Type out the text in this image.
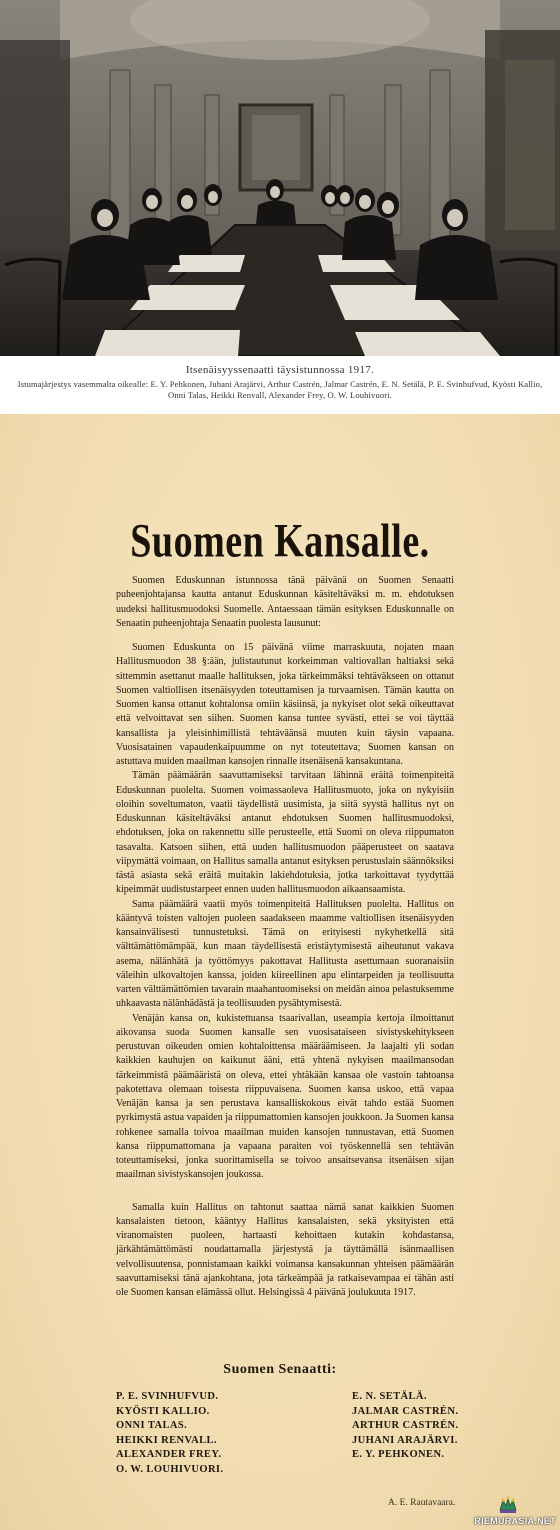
Itsenäisyyssenaatti täysistunnossa 1917.
Istumajärjestys vasemmalta oikealle: E. Y. Pehkonen, Juhani Arajärvi, Arthur Castrén, Jalmar Castrén, E. N. Setälä, P. E. Svinhufvud, Kyösti Kallio, Onni Talas, Heikki Renvall, Alexander Frey, O. W. Louhivuori.
Suomen Kansalle.

Suomen Eduskunnan istunnossa tänä päivänä on Suomen Senaatti puheenjohtajansa kautta antanut Eduskunnan käsiteltäväksi m. m. ehdotuksen uudeksi hallitusmuodoksi Suomelle. Antaessaan tämän esityksen Eduskunnalle on Senaatin puheenjohtaja Senaatin puolesta lausunut:

Suomen Eduskunta on 15 päivänä viime marraskuuta, nojaten maan Hallitusmuodon 38 §:ään, julistautunut korkeimman valtiovallan haltiaksi sekä sittemmin asettanut maalle hallituksen, joka tärkeimmäksi tehtäväkseen on ottanut Suomen valtiollisen itsenäisyyden toteuttamisen ja turvaamisen. Tämän kautta on Suomen kansa ottanut kohtalonsa omiin käsiinsä, ja nykyiset olot sekä oikeuttavat että velvoittavat sen siihen. Suomen kansa tuntee syvästi, ettei se voi täyttää kansallista ja yleisinhimillistä tehtäväänsä muuten kuin täysin vapaana. Vuosisatainen vapaudenkaipuumme on nyt toteutettava; Suomen kansan on astuttava muiden maailman kansojen rinnalle itsenäisenä kansakuntana.

Tämän päämäärän saavuttamiseksi tarvitaan lähinnä eräitä toimenpiteitä Eduskunnan puolelta. Suomen voimassaoleva Hallitusmuoto, joka on nykyisiin oloihin soveltumaton, vaatii täydellistä uusimista, ja siitä syystä hallitus nyt on Eduskunnan käsiteltäväksi antanut ehdotuksen Suomen hallitusmuodoksi, ehdotuksen, joka on rakennettu sille perusteelle, että Suomi on oleva riippumaton tasavalta. Katsoen siihen, että uuden hallitusmuodon pääperusteet on saatava viipymättä voimaan, on Hallitus samalla antanut esityksen perustuslain säännöksiksi tästä asiasta sekä eräitä muitakin lakiehdotuksia, jotka tarkoittavat tyydyttää kipeimmät uudistustarpeet ennen uuden hallitusmuodon aikaansaamista.

Sama päämäärä vaatii myös toimenpiteitä Hallituksen puolelta. Hallitus on kääntyvä toisten valtojen puoleen saadakseen maamme valtiollisen itsenäisyyden kansainvälisesti tunnustetuksi. Tämä on erityisesti nykyhetkellä sitä välttämättömämpää, kun maan täydellisestä eristäytymisestä aiheutunut vakava asema, nälänhätä ja työttömyys pakottavat Hallitusta asettumaan suoranaisiin väleihin ulkovaltojen kanssa, joiden kiireellinen apu elintarpeiden ja teollisuutta varten välttämättömien tavarain maahantuomiseksi on meidän ainoa pelastuksemme uhkaavasta nälänhädästä ja teollisuuden pysähtymisestä.

Venäjän kansa on, kukistettuansa tsaarivallan, useampia kertoja ilmoittanut aikovansa suoda Suomen kansalle sen vuosisataiseen sivistyskehitykseen perustuvan oikeuden omien kohtaloittensa määräämiseen. Ja laajalti yli sodan kaikkien kauhujen on kaikunut ääni, että yhtenä nykyisen maailmansodan tärkeimmistä päämääristä on oleva, ettei yhtäkään kansaa ole vastoin tahtoansa pakotettava olemaan toisesta riippuvaisena. Suomen kansa uskoo, että vapaa Venäjän kansa ja sen perustava kansalliskokous eivät tahdo estää Suomen pyrkimystä astua vapaiden ja riippumattomien kansojen joukkoon. Ja Suomen kansa rohkenee samalla toivoa maailman muiden kansojen tunnustavan, että Suomen kansa riippumattomana ja vapaana paraiten voi työskennellä sen tehtävän toteuttamiseksi, jonka suorittamisella se toivoo ansaitsevansa itsenäisen sijan maailman sivistyskansojen joukossa.

Samalla kuin Hallitus on tahtonut saattaa nämä sanat kaikkien Suomen kansalaisten tietoon, kääntyy Hallitus kansalaisten, sekä yksityisten että viranomaisten puoleen, hartaasti kehoittaen kutakin kohdastansa, järkähtämättömästi noudattamalla järjestystä ja täyttämällä isänmaallisen velvollisuutensa, ponnistamaan kaikki voimansa kansakunnan yhteisen päämäärän saavuttamiseksi tänä ajankohtana, jota tärkeämpää ja ratkaisevampaa ei tähän asti ole Suomen kansan elämässä ollut. Helsingissä 4 päivänä joulukuuta 1917.

Suomen Senaatti:
P. E. SVINHUFVUD.
KYÖSTI KALLIO.
ONNI TALAS.
HEIKKI RENVALL.
ALEXANDER FREY.
O. W. LOUHIVUORI.
E. N. SETÄLÄ.
JALMAR CASTRÉN.
ARTHUR CASTRÉN.
JUHANI ARAJÄRVI.
E. Y. PEHKONEN.
A. E. Rautavaara.
RIEMURASIA.NET
